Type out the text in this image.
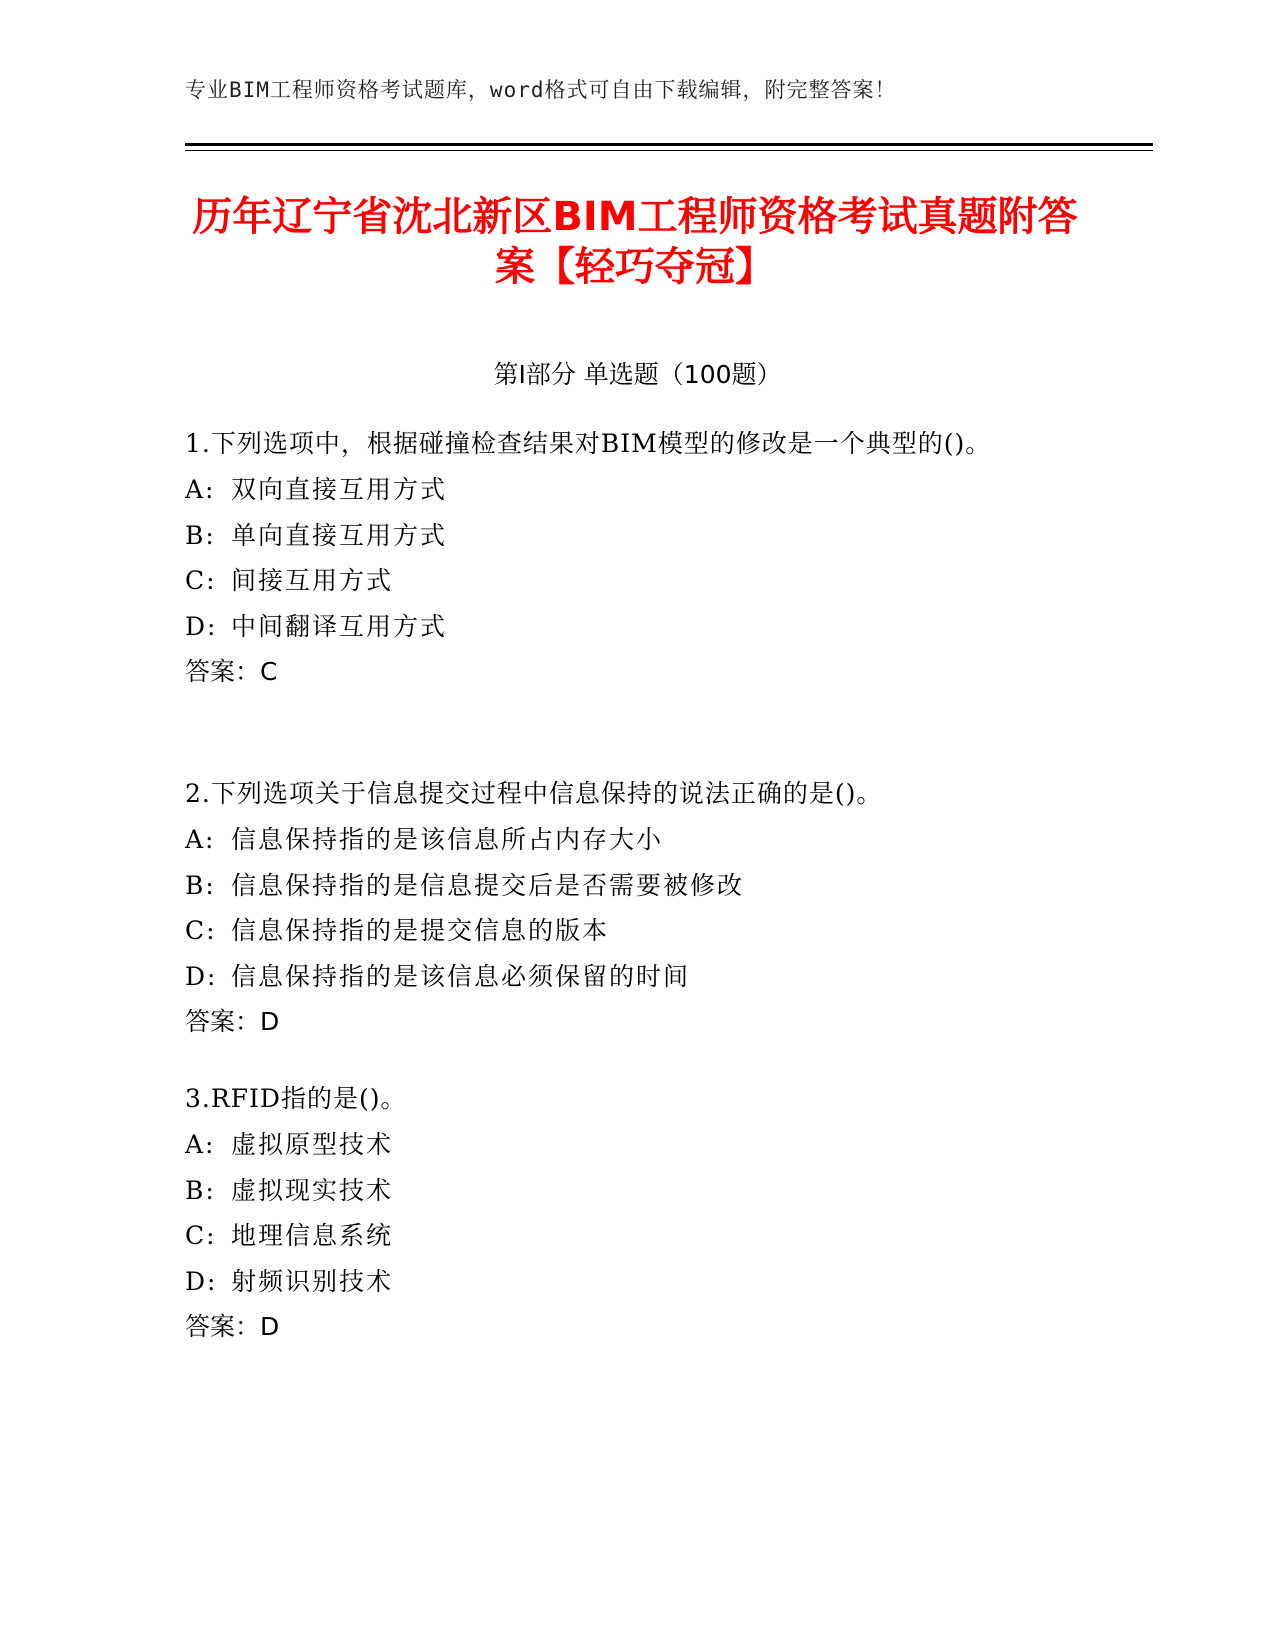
专业BIM工程师资格考试题库，word格式可自由下载编辑，附完整答案！
历年辽宁省沈北新区BIM工程师资格考试真题附答案【轻巧夺冠】
第Ⅰ部分 单选题（100题）

1.下列选项中，根据碰撞检查结果对BIM模型的修改是一个典型的()。

A: 双向直接互用方式

B: 单向直接互用方式

C: 间接互用方式

D: 中间翻译互用方式

答案：C

2.下列选项关于信息提交过程中信息保持的说法正确的是()。

A: 信息保持指的是该信息所占内存大小

B: 信息保持指的是信息提交后是否需要被修改

C: 信息保持指的是提交信息的版本

D: 信息保持指的是该信息必须保留的时间

答案：D

3.RFID指的是()。

A: 虚拟原型技术

B: 虚拟现实技术

C: 地理信息系统

D: 射频识别技术

答案：D
